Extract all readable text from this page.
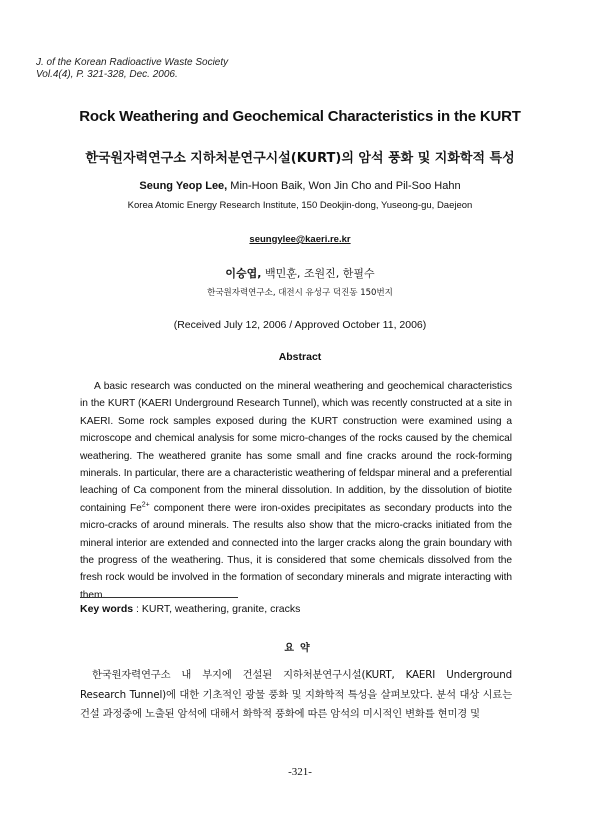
J. of the Korean Radioactive Waste Society
Vol.4(4), P. 321-328, Dec. 2006.
Rock Weathering and Geochemical Characteristics in the KURT
한국원자력연구소 지하처분연구시설(KURT)의 암석 풍화 및 지화학적 특성
Seung Yeop Lee, Min-Hoon Baik, Won Jin Cho and Pil-Soo Hahn
Korea Atomic Energy Research Institute, 150 Deokjin-dong, Yuseong-gu, Daejeon
seungylee@kaeri.re.kr
이승엽, 백민훈, 조원진, 한필수
한국원자력연구소, 대전시 유성구 덕진동 150번지
(Received July 12, 2006 / Approved October 11, 2006)
Abstract

A basic research was conducted on the mineral weathering and geochemical characteristics in the KURT (KAERI Underground Research Tunnel), which was recently constructed at a site in KAERI. Some rock samples exposed during the KURT construction were examined using a microscope and chemical analysis for some micro-changes of the rocks caused by the chemical weathering. The weathered granite has some small and fine cracks around the rock-forming minerals. In particular, there are a characteristic weathering of feldspar mineral and a preferential leaching of Ca component from the mineral dissolution. In addition, by the dissolution of biotite containing $Fe^{2+}$ component there were iron-oxides precipitates as secondary products into the micro-cracks of around minerals. The results also show that the micro-cracks initiated from the mineral interior are extended and connected into the larger cracks along the grain boundary with the progress of the weathering. Thus, it is considered that some chemicals dissolved from the fresh rock would be involved in the formation of secondary minerals and migrate interacting with them.

Key words : KURT, weathering, granite, cracks
요약

한국원자력연구소 내 부지에 건설된 지하처분연구시설(KURT, KAERI Underground Research Tunnel)에 대한 기초적인 광물 풍화 및 지화학적 특성을 살펴보았다. 분석 대상 시료는 건설 과정중에 노출된 암석에 대해서 화학적 풍화에 따른 암석의 미시적인 변화를 현미경 및

-321-
